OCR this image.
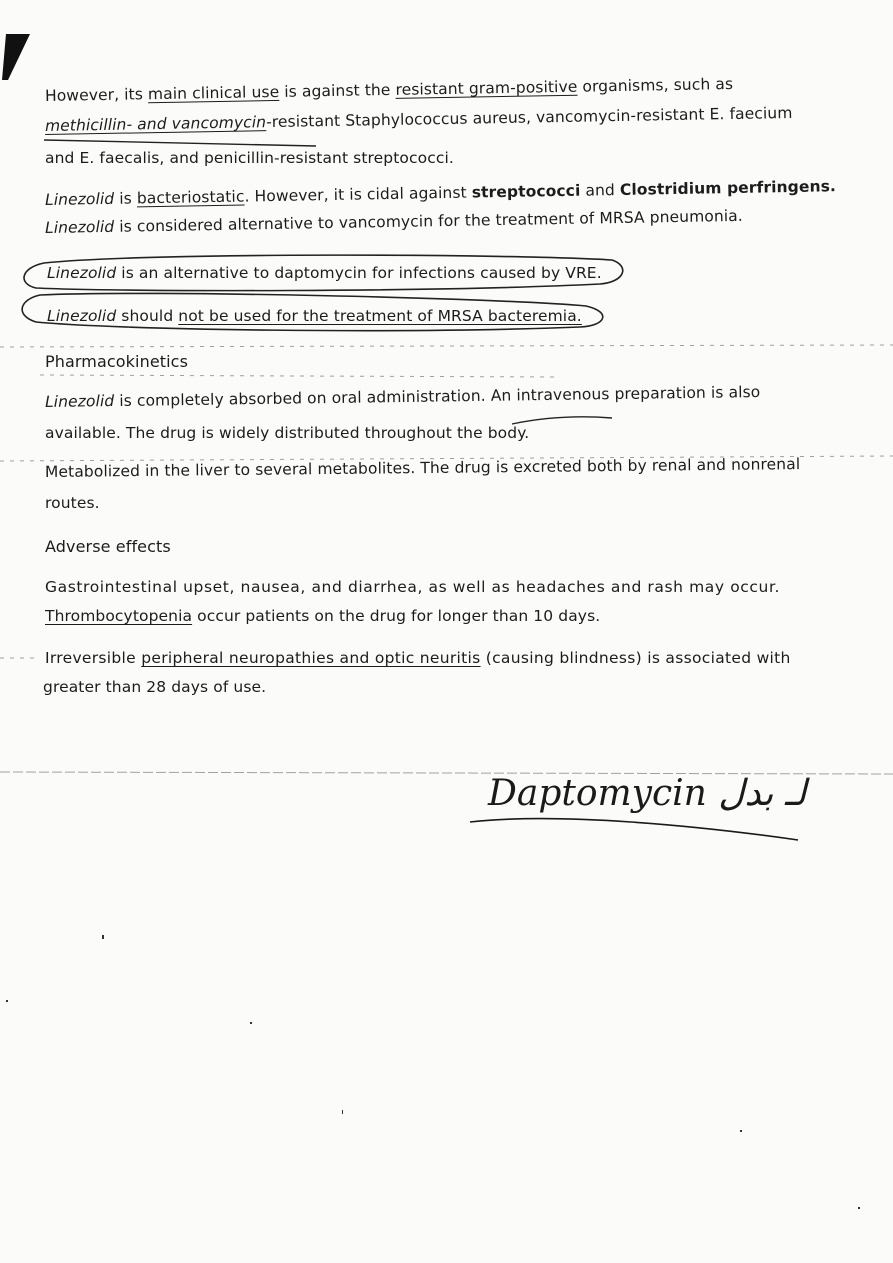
However, its main clinical use is against the resistant gram-positive organisms, such as
methicillin- and vancomycin-resistant Staphylococcus aureus, vancomycin-resistant E. faecium
and E. faecalis, and penicillin-resistant streptococci.
Linezolid is bacteriostatic. However, it is cidal against streptococci and Clostridium perfringens.
Linezolid is considered alternative to vancomycin for the treatment of MRSA pneumonia.
Linezolid is an alternative to daptomycin for infections caused by VRE.
Linezolid should not be used for the treatment of MRSA bacteremia.
Pharmacokinetics
Linezolid is completely absorbed on oral administration. An intravenous preparation is also
available. The drug is widely distributed throughout the body.
Metabolized in the liver to several metabolites. The drug is excreted both by renal and nonrenal
routes.
Adverse effects
Gastrointestinal upset, nausea, and diarrhea, as well as headaches and rash may occur.
Thrombocytopenia occur patients on the drug for longer than 10 days.
Irreversible peripheral neuropathies and optic neuritis (causing blindness) is associated with
greater than 28 days of use.
Daptomycin لـ بدل
